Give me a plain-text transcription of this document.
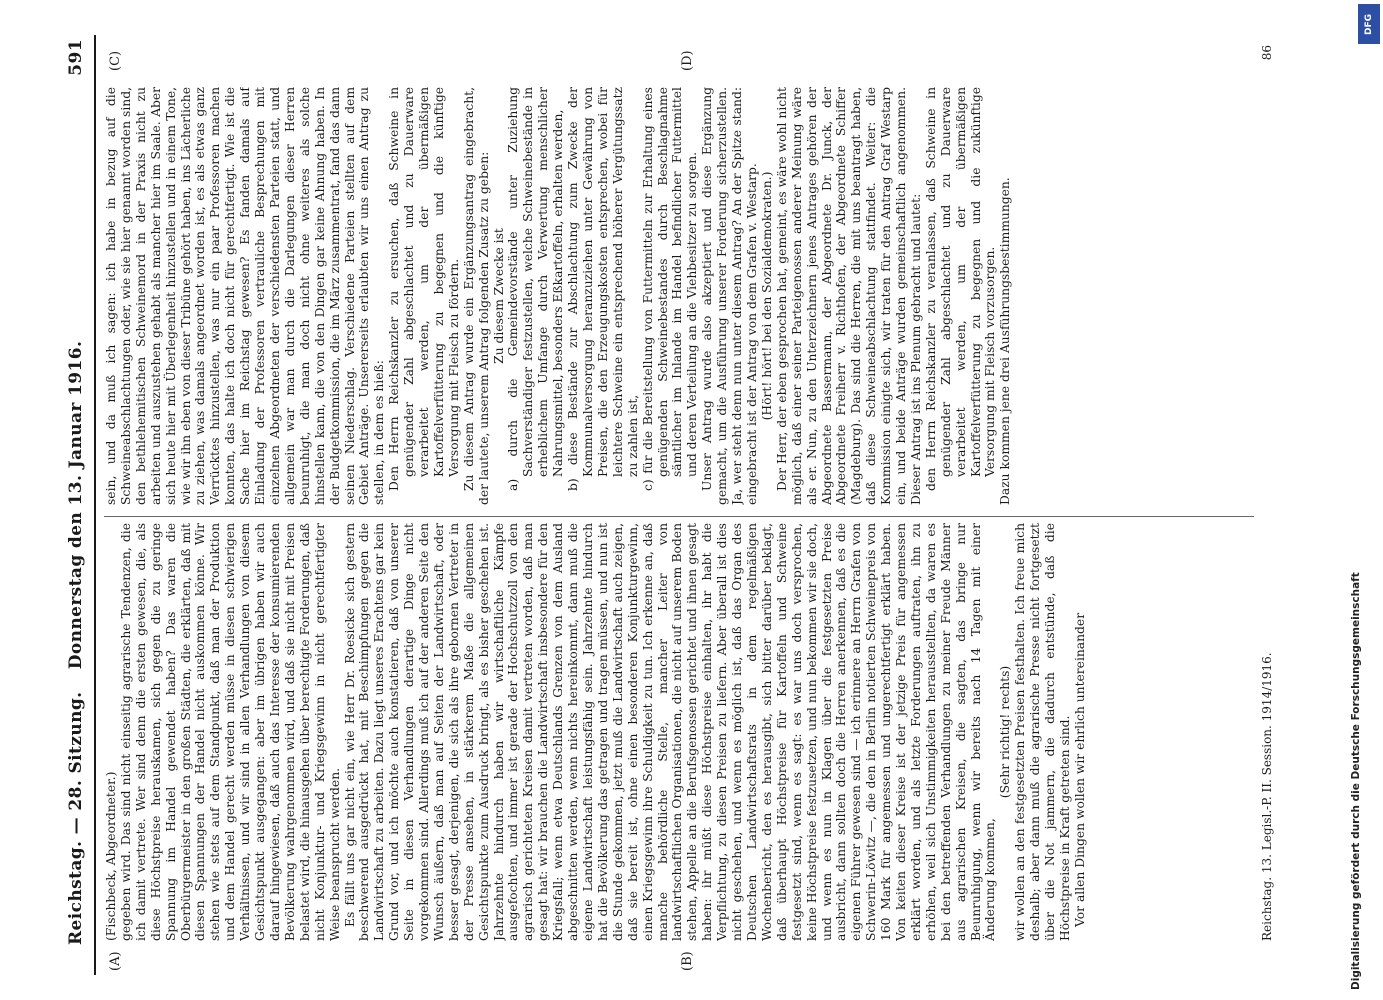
Reichstag. — 28. Sitzung.
Donnerstag den 13. Januar 1916.
591
(A)	(B)
(C)	(D)

(Fischbeck, Abgeordneter.) gegeben wird. Das sind nicht einseitig agrarische Tendenzen, die ich damit vertrete. Wer sind denn die ersten gewesen, die, als diese Höchstpreise herauskamen, sich gegen die zu geringe Spannung im Handel gewendet haben? Das waren die Oberbürgermeister in den großen Städten, die erklärten, daß mit diesen Spannungen der Handel nicht auskommen könne. Wir stehen wie stets auf dem Standpunkt, daß man der Produktion und dem Handel gerecht werden müsse in diesen schwierigen Verhältnissen, und wir sind in allen Verhandlungen von diesem Gesichtspunkt ausgegangen: aber im übrigen haben wir auch darauf hingewiesen, daß auch das Interesse der konsumierenden Bevölkerung wahrgenommen wird, und daß sie nicht mit Preisen belastet wird, die hinausgehen über berechtigte Forderungen, daß nicht Konjunktur- und Kriegsgewinn in nicht gerechtfertigter Weise beansprucht werden. Es fällt uns gar nicht ein, wie Herr Dr. Roesicke sich gestern beschwerend ausgedrückt hat, mit Beschimpfungen gegen die Landwirtschaft zu arbeiten. Dazu liegt unseres Erachtens gar kein Grund vor, und ich möchte auch konstatieren, daß von unserer Seite in diesen Verhandlungen derartige Dinge nicht vorgekommen sind. Allerdings muß ich auf der anderen Seite den Wunsch äußern, daß man auf Seiten der Landwirtschaft, oder besser gesagt, derjenigen, die sich als ihre gebornen Vertreter in der Presse ansehen, in stärkerem Maße die allgemeinen Gesichtspunkte zum Ausdruck bringt, als es bisher geschehen ist. Jahrzehnte hindurch haben wir wirtschaftliche Kämpfe ausgefochten, und immer ist gerade der Hochschutzzoll von den agrarisch gerichteten Kreisen damit vertreten worden, daß man gesagt hat: wir brauchen die Landwirtschaft insbesondere für den Kriegsfall; wenn etwa Deutschlands Grenzen von dem Ausland abgeschnitten werden, wenn nichts hereinkommt, dann muß die eigene Landwirtschaft leistungsfähig sein. Jahrzehnte hindurch hat die Bevölkerung das getragen und tragen müssen, und nun ist die Stunde gekommen, jetzt muß die Landwirtschaft auch zeigen, daß sie bereit ist, ohne einen besonderen Konjunkturgewinn, einen Kriegsgewinn ihre Schuldigkeit zu tun. Ich erkenne an, daß manche behördliche Stelle, mancher Leiter von landwirtschaftlichen Organisationen, die nicht auf unserem Boden stehen, Appelle an die Berufsgenossen gerichtet und ihnen gesagt haben: ihr müßt diese Höchstpreise einhalten, ihr habt die Verpflichtung, zu diesen Preisen zu liefern. Aber überall ist dies nicht geschehen, und wenn es möglich ist, daß das Organ des Deutschen Landwirtschaftsrats in dem regelmäßigen Wochenbericht, den es herausgibt, sich bitter darüber beklagt, daß überhaupt Höchstpreise für Kartoffeln und Schweine festgesetzt sind, wenn es sagt: es war uns doch versprochen, keine Höchstpreise festzusetzen, und nun bekommen wir sie doch, und wenn es nun in Klagen über die festgesetzten Preise ausbricht, dann sollten doch die Herren anerkennen, daß es die eigenen Führer gewesen sind — ich erinnere an Herrn Grafen von Schwerin-Löwitz —, die den in Berlin notierten Schweinepreis von 160 Mark für angemessen und ungerechtfertigt erklärt haben. Von keiten dieser Kreise ist der jetzige Preis für angemessen erklärt worden, und als letzte Forderungen auftraten, ihn zu erhöhen, weil sich Unstimmigkeiten herausstellten, da waren es bei den betreffenden Verhandlungen zu meiner Freude Männer aus agrarischen Kreisen, die sagten, das bringe nur Beunruhigung, wenn wir bereits nach 14 Tagen mit einer Änderung kommen,

(Sehr richtig! rechts) wir wollen an den festgesetzten Preisen festhalten. Ich freue mich deshalb; aber dann muß die agrarische Presse nicht fortgesetzt über die Not jammern, die dadurch entstünde, daß die Höchstpreise in Kraft getreten sind. Vor allen Dingen wollen wir ehrlich untereinander

sein, und da muß ich sagen: ich habe in bezug auf die Schweineabschlachtungen oder, wie sie hier genannt worden sind, den bethlehemitischen Schweinemord in der Praxis nicht zu arbeiten und auszustehen gehabt als mancher hier im Saale. Aber sich heute hier mit Überlegenheit hinzustellen und in einem Tone, wie wir ihn eben von dieser Tribüne gehört haben, ins Lächerliche zu ziehen, was damals angeordnet worden ist, es als etwas ganz Verrücktes hinzustellen, was nur ein paar Professoren machen konnten, das halte ich doch nicht für gerechtfertigt. Wie ist die Sache hier im Reichstag gewesen? Es fanden damals auf Einladung der Professoren vertrauliche Besprechungen mit einzelnen Abgeordneten der verschiedensten Parteien statt, und allgemein war man durch die Darlegungen dieser Herren beunruhigt, die man doch nicht ohne weiteres als solche hinstellen kann, die von den Dingen gar keine Ahnung haben. In der Budgetkommission, die im März zusammentrat, fand das dann seinen Niederschlag. Verschiedene Parteien stellten auf dem Gebiet Anträge. Unsererseits erlaubten wir uns einen Antrag zu stellen, in dem es hieß: Den Herrn Reichskanzler zu ersuchen, daß Schweine in genügender Zahl abgeschlachtet und zu Dauerware verarbeitet werden, um der übermäßigen Kartoffelverfütterung zu begegnen und die künftige Versorgung mit Fleisch zu fördern. Zu diesem Antrag wurde ein Ergänzungsantrag eingebracht, der lautete, unserem Antrag folgenden Zusatz zu geben: Zu diesem Zwecke ist a) durch die Gemeindevorstände unter Zuziehung Sachverständiger festzustellen, welche Schweinebestände in erheblichem Umfange durch Verwertung menschlicher Nahrungsmittel, besonders Eßkartoffeln, erhalten werden, b) diese Bestände zur Abschlachtung zum Zwecke der Kommunalversorgung heranzuziehen unter Gewährung von Preisen, die den Erzeugungskosten entsprechen, wobei für leichtere Schweine ein entsprechend höherer Vergütungssatz zu zahlen ist, c) für die Bereitstellung von Futtermitteln zur Erhaltung eines genügenden Schweinebestandes durch Beschlagnahme sämtlicher im Inlande im Handel befindlicher Futtermittel und deren Verteilung an die Viehbesitzer zu sorgen. Unser Antrag wurde also akzeptiert und diese Ergänzung gemacht, um die Ausführung unserer Forderung sicherzustellen. Ja, wer steht denn nun unter diesem Antrag? An der Spitze stand: eingebracht ist der Antrag von dem Grafen v. Westarp. (Hört! hört! bei den Sozialdemokraten.) Der Herr, der eben gesprochen hat, gemeint, es wäre wohl nicht möglich, daß einer seiner Parteigenossen anderer Meinung wäre als er. Nun, zu den Unterzeichnern jenes Antrages gehören der Abgeordnete Bassermann, der Abgeordnete Dr. Junck, der Abgeordnete Freiherr v. Richthofen, der Abgeordnete Schiffer (Magdeburg). Das sind die Herren, die mit uns beantragt haben, daß diese Schweineabschlachtung stattfindet. Weiter: die Kommission einigte sich, wir traten für den Antrag Graf Westarp ein, und beide Anträge wurden gemeinschaftlich angenommen. Dieser Antrag ist ins Plenum gebracht und lautet: den Herrn Reichskanzler zu veranlassen, daß Schweine in genügender Zahl abgeschlachtet und zu Dauerware verarbeitet werden, um der übermäßigen Kartoffelverfütterung zu begegnen und die zukünftige Versorgung mit Fleisch vorzusorgen. Dazu kommen jene drei Ausführungsbestimmungen.

Reichstag. 13. Legisl.-P. II. Session. 1914/1916.
86
Digitalisierung gefördert durch die Deutsche Forschungsgemeinschaft
DFG
